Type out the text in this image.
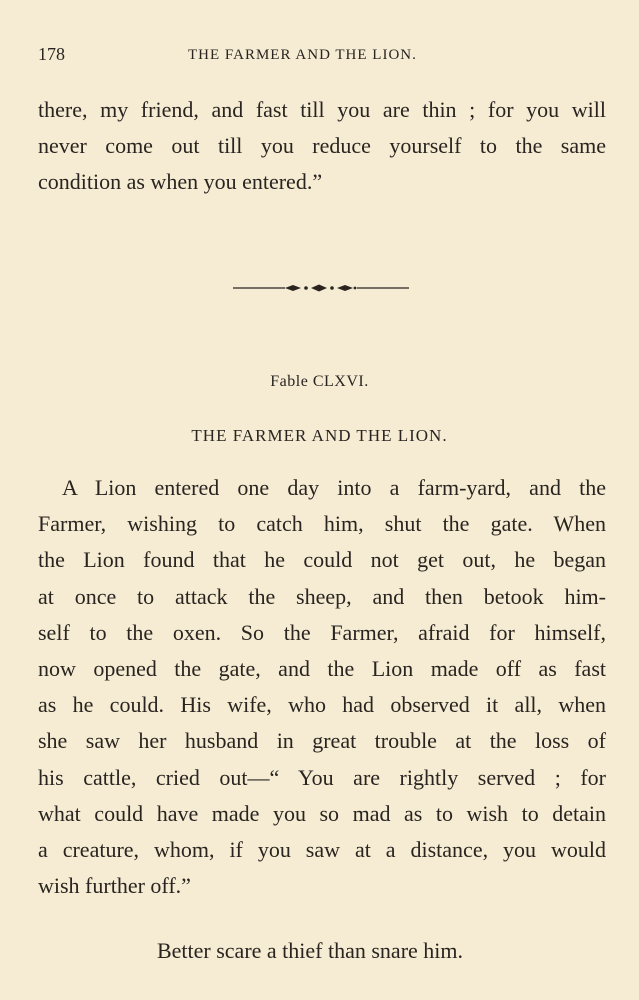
178	THE FARMER AND THE LION.
there, my friend, and fast till you are thin ; for you will
never come out till you reduce yourself to the same
condition as when you entered.”
Fable CLXVI.
THE FARMER AND THE LION.
A Lion entered one day into a farm-yard, and the
Farmer, wishing to catch him, shut the gate. When
the Lion found that he could not get out, he began
at once to attack the sheep, and then betook him-
self to the oxen. So the Farmer, afraid for himself,
now opened the gate, and the Lion made off as fast
as he could. His wife, who had observed it all, when
she saw her husband in great trouble at the loss of
his cattle, cried out—“ You are rightly served ; for
what could have made you so mad as to wish to detain
a creature, whom, if you saw at a distance, you would
wish further off.”
Better scare a thief than snare him.
